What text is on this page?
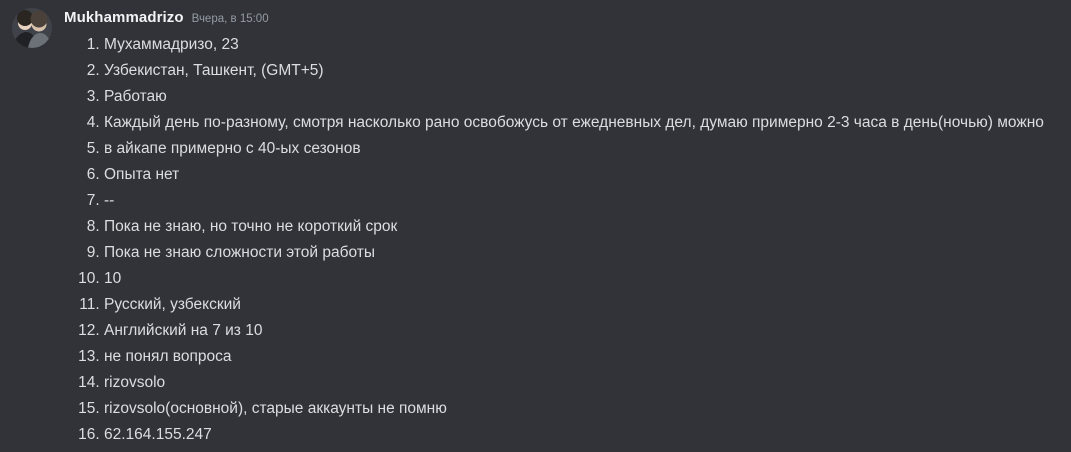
Mukhammadrizo Вчера, в 15:00
1. Мухаммадризо, 23
2. Узбекистан, Ташкент, (GMT+5)
3. Работаю
4. Каждый день по-разному, смотря насколько рано освобожусь от ежедневных дел, думаю примерно 2-3 часа в день(ночью) можно
5. в айкапе примерно с 40-ых сезонов
6. Опыта нет
7. --
8. Пока не знаю, но точно не короткий срок
9. Пока не знаю сложности этой работы
10. 10
11. Русский, узбекский
12. Английский на 7 из 10
13. не понял вопроса
14. rizovsolo
15. rizovsolo(основной), старые аккаунты не помню
16. 62.164.155.247
